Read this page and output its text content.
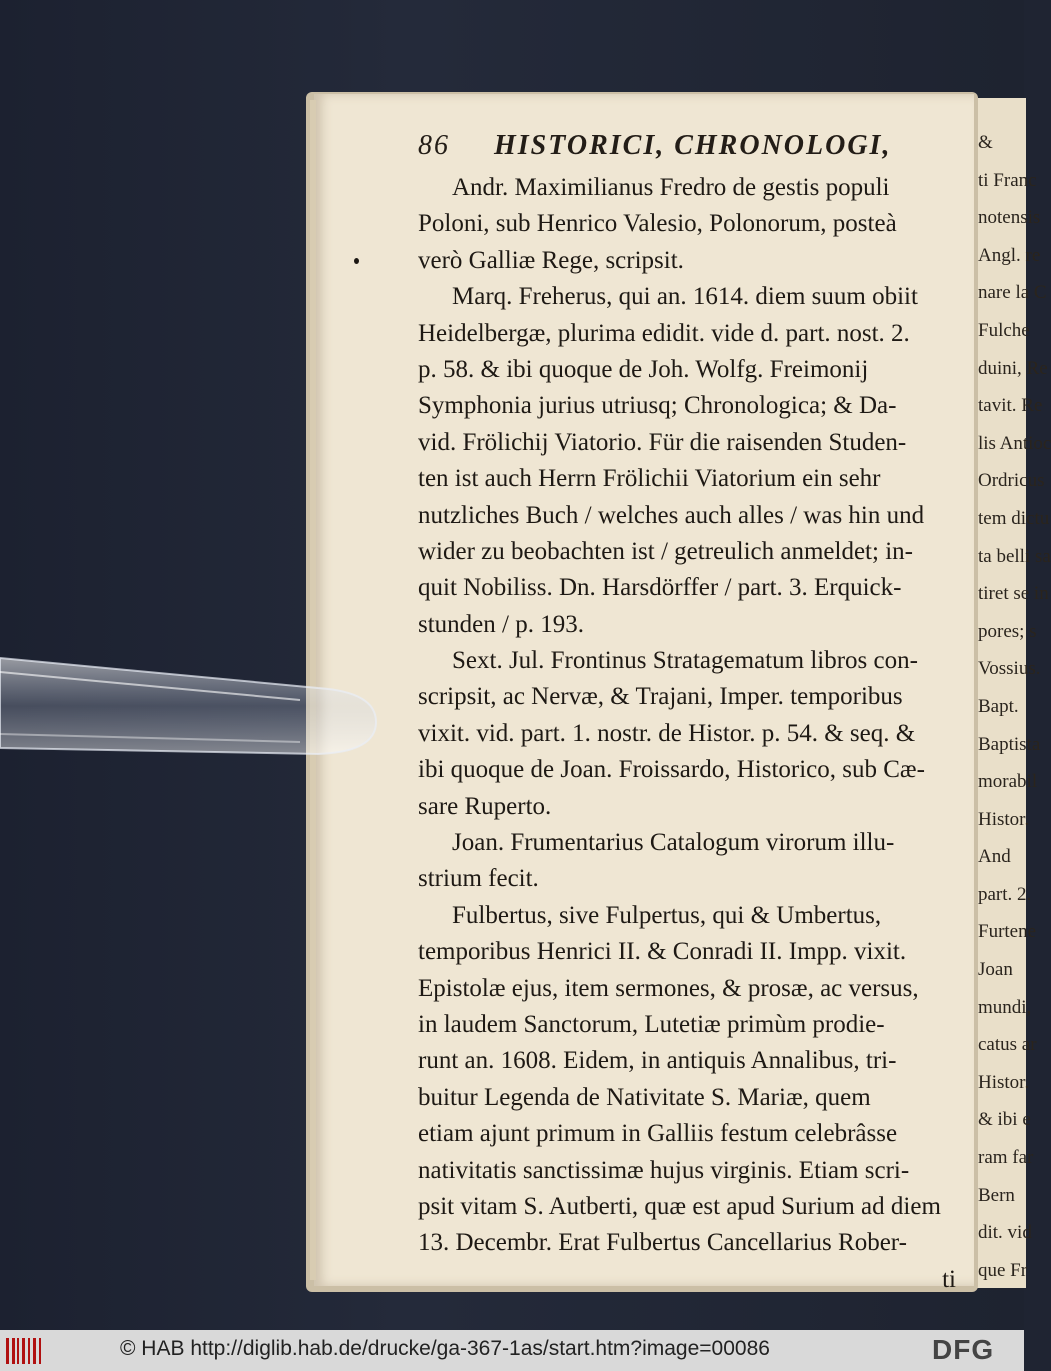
&
ti Franc
notensis
Angl. re
nare la C
Fulche
duini, Re
tavit. Re
lis Antioc
Ordricus
tem dictu
ta belli sa
tiret se in
pores; s
Vossius.
Bapt.
Baptista
morabil
Histor.
And
part. 2.
Furtene
Joan
mundi,
catus ar
Histor.
& ibi e
ram far
Bern
dit. vid
que Fr
86 HISTORICI, CHRONOLOGI,
Andr. Maximilianus Fredro de gestis populi
Poloni, sub Henrico Valesio, Polonorum, posteà
verò Galliæ Rege, scripsit.
Marq. Freherus, qui an. 1614. diem suum obiit
Heidelbergæ, plurima edidit. vide d. part. nost. 2.
p. 58. & ibi quoque de Joh. Wolfg. Freimonij
Symphonia jurius utriusq; Chronologica; & Da-
vid. Frölichij Viatorio. Für die raisenden Studen-
ten ist auch Herrn Frölichii Viatorium ein sehr
nutzliches Buch / welches auch alles / was hin und
wider zu beobachten ist / getreulich anmeldet; in-
quit Nobiliss. Dn. Harsdörffer / part. 3. Erquick-
stunden / p. 193.
Sext. Jul. Frontinus Stratagematum libros con-
scripsit, ac Nervæ, & Trajani, Imper. temporibus
vixit. vid. part. 1. nostr. de Histor. p. 54. & seq. &
ibi quoque de Joan. Froissardo, Historico, sub Cæ-
sare Ruperto.
Joan. Frumentarius Catalogum virorum illu-
strium fecit.
Fulbertus, sive Fulpertus, qui & Umbertus,
temporibus Henrici II. & Conradi II. Impp. vixit.
Epistolæ ejus, item sermones, & prosæ, ac versus,
in laudem Sanctorum, Lutetiæ primùm prodie-
runt an. 1608. Eidem, in antiquis Annalibus, tri-
buitur Legenda de Nativitate S. Mariæ, quem
etiam ajunt primum in Galliis festum celebrâsse
nativitatis sanctissimæ hujus virginis. Etiam scri-
psit vitam S. Autberti, quæ est apud Surium ad diem
13. Decembr. Erat Fulbertus Cancellarius Rober-
ti
© HAB http://diglib.hab.de/drucke/ga-367-1as/start.htm?image=00086	DFG
